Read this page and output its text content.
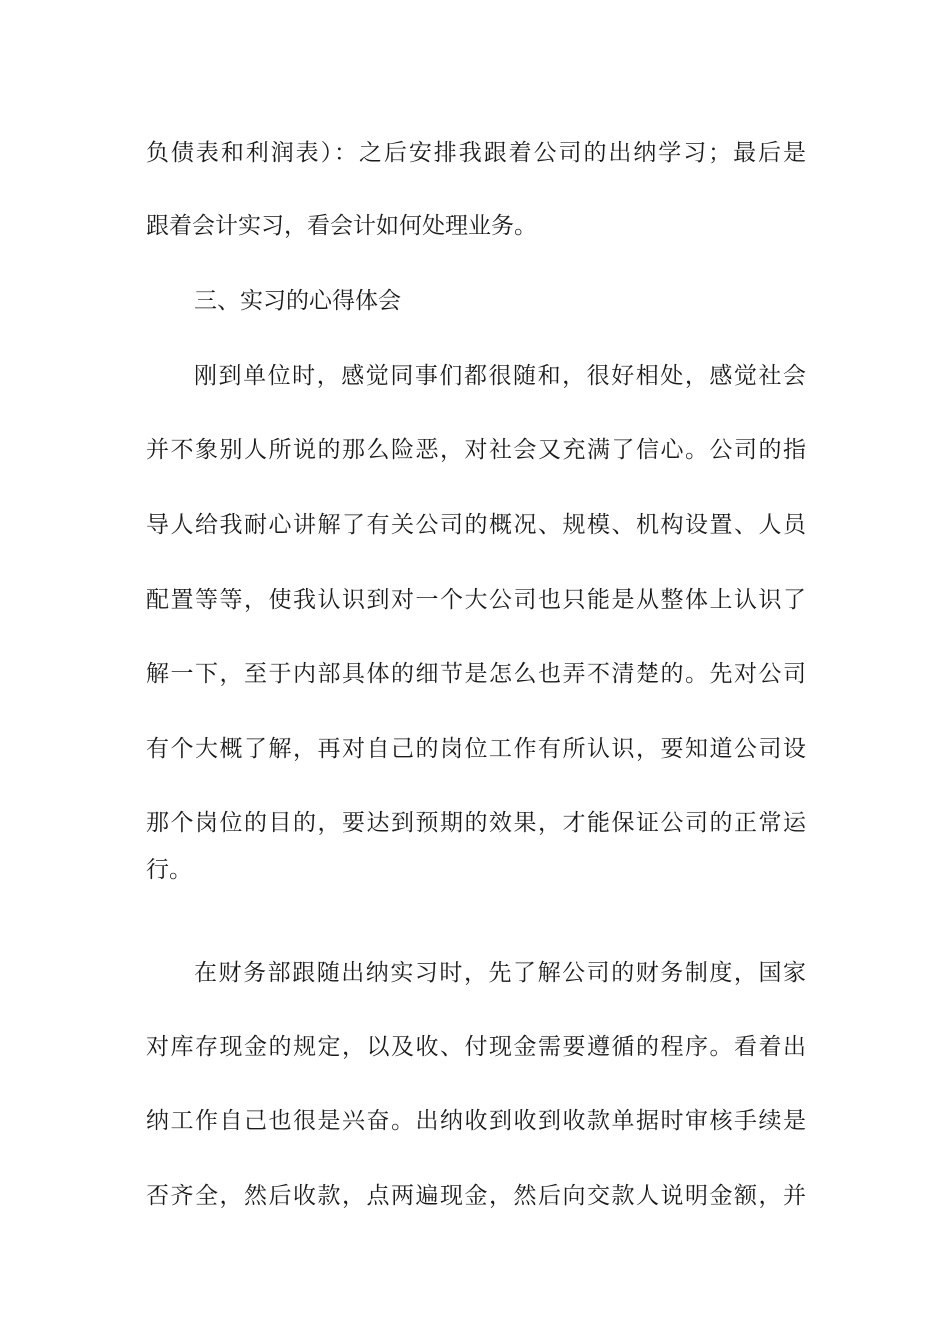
负债表和利润表）：之后安排我跟着公司的出纳学习；最后是
跟着会计实习，看会计如何处理业务。
三、实习的心得体会
刚到单位时，感觉同事们都很随和，很好相处，感觉社会
并不象别人所说的那么险恶，对社会又充满了信心。公司的指
导人给我耐心讲解了有关公司的概况、规模、机构设置、人员
配置等等，使我认识到对一个大公司也只能是从整体上认识了
解一下，至于内部具体的细节是怎么也弄不清楚的。先对公司
有个大概了解，再对自己的岗位工作有所认识，要知道公司设
那个岗位的目的，要达到预期的效果，才能保证公司的正常运
行。
在财务部跟随出纳实习时，先了解公司的财务制度，国家
对库存现金的规定，以及收、付现金需要遵循的程序。看着出
纳工作自己也很是兴奋。出纳收到收到收款单据时审核手续是
否齐全，然后收款，点两遍现金，然后向交款人说明金额，并
